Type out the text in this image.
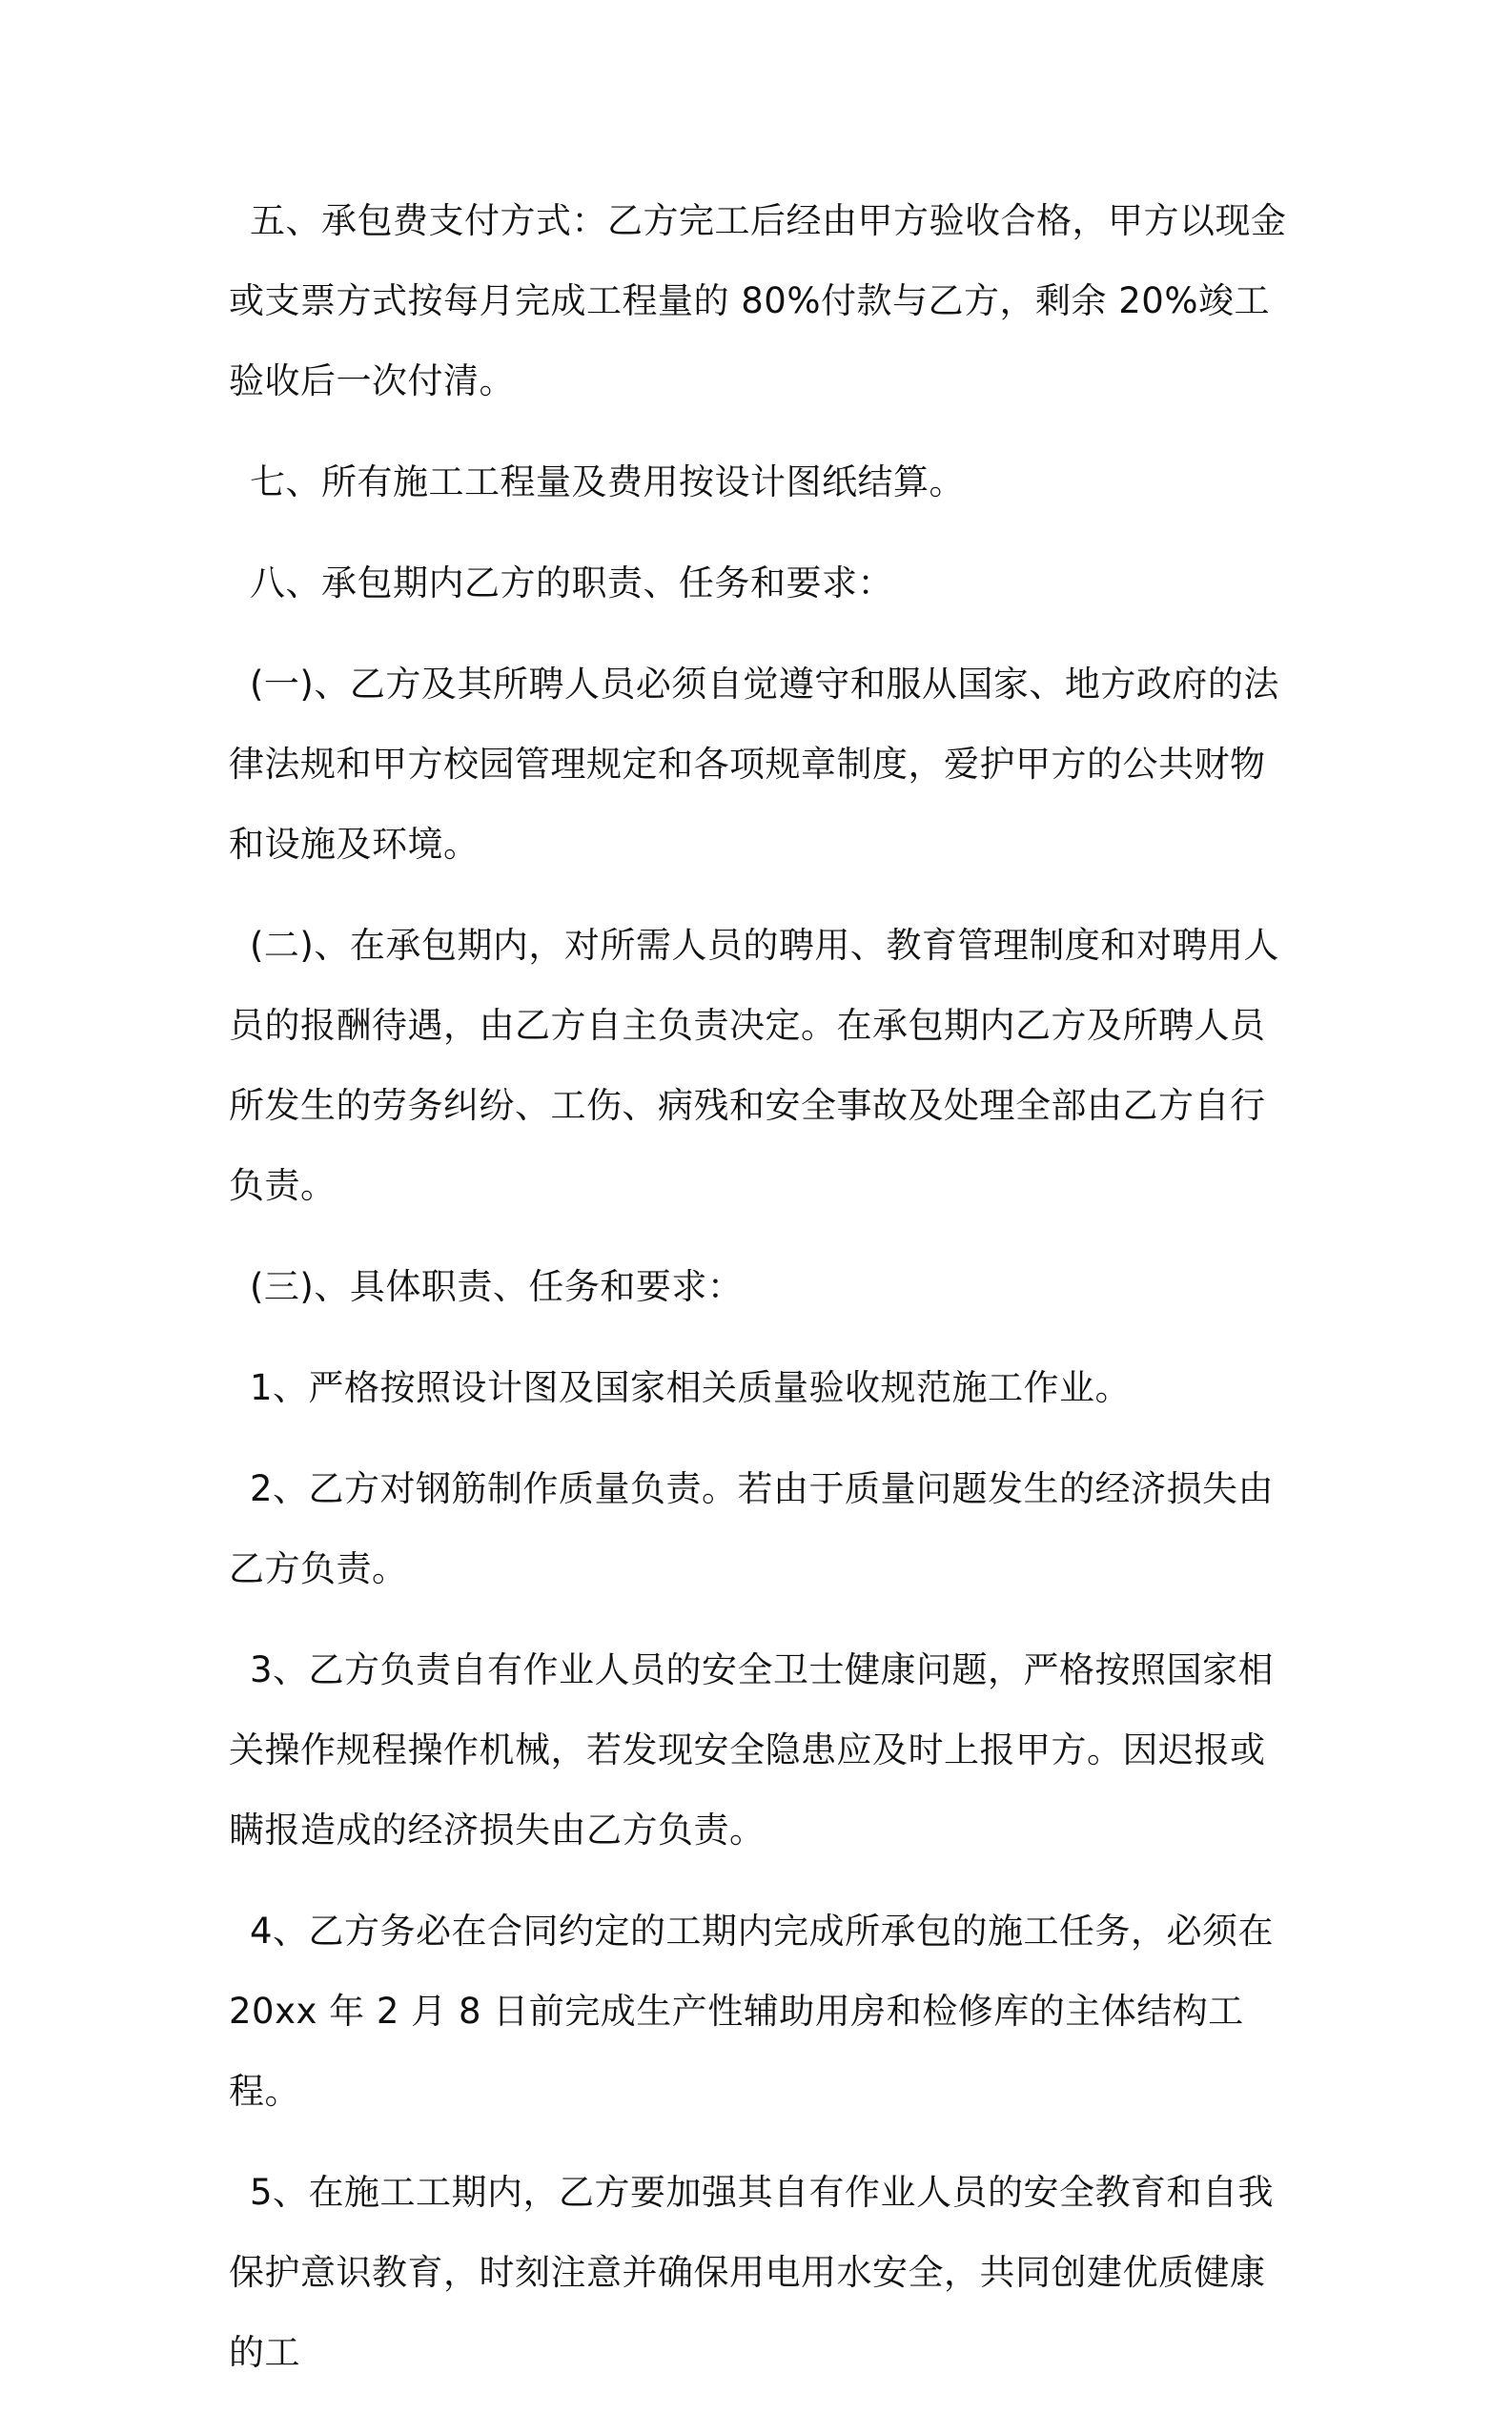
五、承包费支付方式：乙方完工后经由甲方验收合格，甲方以现金或支票方式按每月完成工程量的 80%付款与乙方，剩余 20%竣工验收后一次付清。

七、所有施工工程量及费用按设计图纸结算。

八、承包期内乙方的职责、任务和要求：

(一)、乙方及其所聘人员必须自觉遵守和服从国家、地方政府的法律法规和甲方校园管理规定和各项规章制度，爱护甲方的公共财物和设施及环境。

(二)、在承包期内，对所需人员的聘用、教育管理制度和对聘用人员的报酬待遇，由乙方自主负责决定。在承包期内乙方及所聘人员所发生的劳务纠纷、工伤、病残和安全事故及处理全部由乙方自行负责。

(三)、具体职责、任务和要求：

1、严格按照设计图及国家相关质量验收规范施工作业。

2、乙方对钢筋制作质量负责。若由于质量问题发生的经济损失由乙方负责。

3、乙方负责自有作业人员的安全卫士健康问题，严格按照国家相关操作规程操作机械，若发现安全隐患应及时上报甲方。因迟报或瞒报造成的经济损失由乙方负责。

4、乙方务必在合同约定的工期内完成所承包的施工任务，必须在 20xx 年 2 月 8 日前完成生产性辅助用房和检修库的主体结构工程。

5、在施工工期内，乙方要加强其自有作业人员的安全教育和自我保护意识教育，时刻注意并确保用电用水安全，共同创建优质健康的工
